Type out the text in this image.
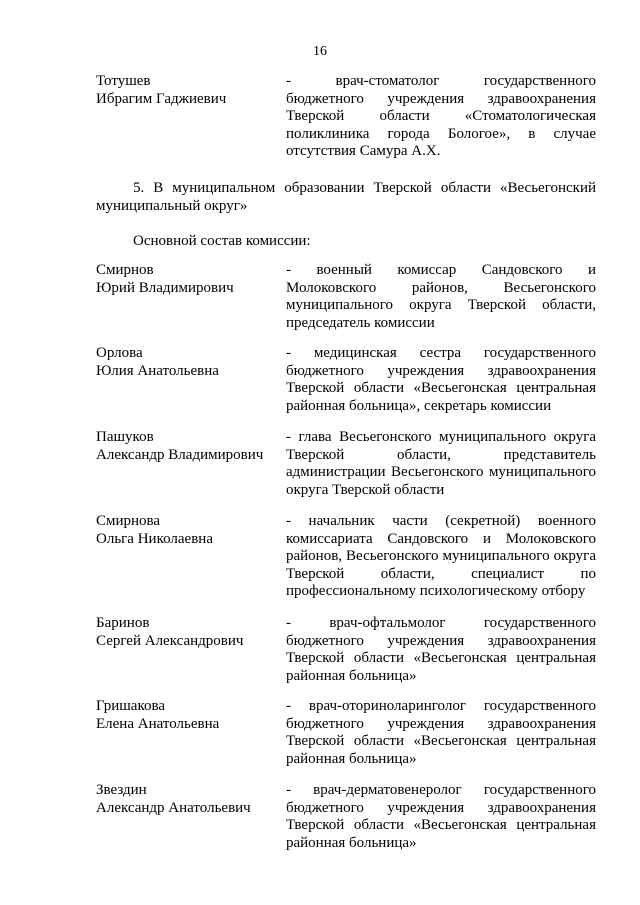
16
Тотушев
Ибрагим Гаджиевич
- врач-стоматолог государственного бюджетного учреждения здравоохранения Тверской области «Стоматологическая поликлиника города Бологое», в случае отсутствия Самура А.Х.
5. В муниципальном образовании Тверской области «Весьегонский муниципальный округ»
Основной состав комиссии:
Смирнов
Юрий Владимирович
- военный комиссар Сандовского и Молоковского районов, Весьегонского муниципального округа Тверской области, председатель комиссии
Орлова
Юлия Анатольевна
- медицинская сестра государственного бюджетного учреждения здравоохранения Тверской области «Весьегонская центральная районная больница», секретарь комиссии
Пашуков
Александр Владимирович
- глава Весьегонского муниципального округа Тверской области, представитель администрации Весьегонского муниципального округа Тверской области
Смирнова
Ольга Николаевна
- начальник части (секретной) военного комиссариата Сандовского и Молоковского районов, Весьегонского муниципального округа Тверской области, специалист по профессиональному психологическому отбору
Баринов
Сергей Александрович
- врач-офтальмолог государственного бюджетного учреждения здравоохранения Тверской области «Весьегонская центральная районная больница»
Гришакова
Елена Анатольевна
- врач-оториноларинголог государственного бюджетного учреждения здравоохранения Тверской области «Весьегонская центральная районная больница»
Звездин
Александр Анатольевич
- врач-дерматовенеролог государственного бюджетного учреждения здравоохранения Тверской области «Весьегонская центральная районная больница»
